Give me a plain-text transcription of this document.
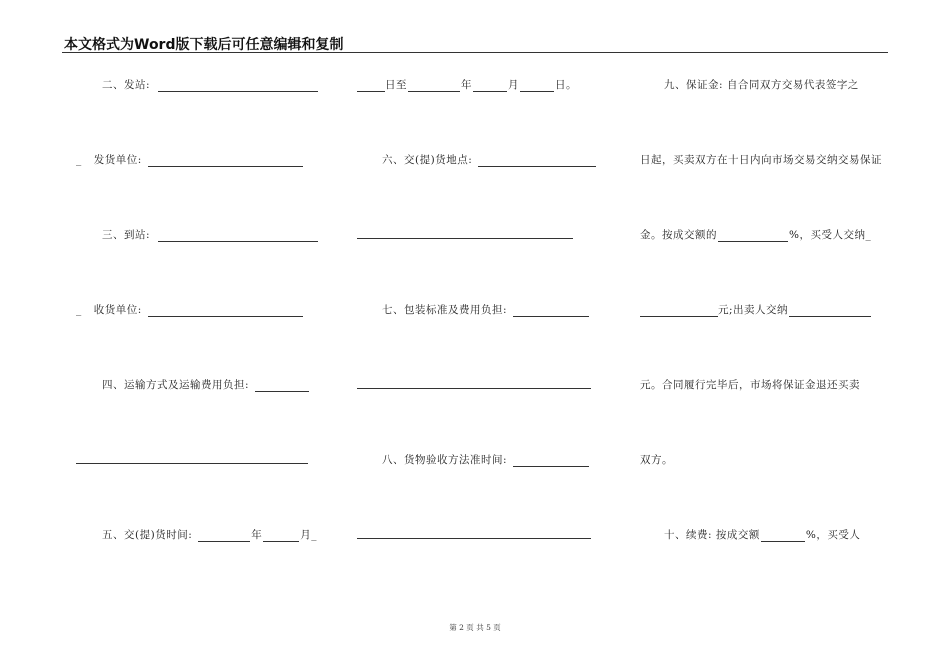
本文格式为Word版下载后可任意编辑和复制
二、发站:
_ 发货单位:
三、到站:
_ 收货单位:
四、运输方式及运输费用负担:
五、交(提)货时间:	年	月 _
日至	年	月	日。
六、交(提)货地点:
七、包装标准及费用负担:
八、货物验收方法准时间:
九、保证金: 自合同双方交易代表签字之
日起，买卖双方在十日内向市场交易交纳交易保证
金。按成交额的	%，买受人交纳 _
元;出卖人交纳
元。合同履行完毕后，市场将保证金退还买卖
双方。
十、续费: 按成交额	%，买受人
第 2 页 共 5 页
